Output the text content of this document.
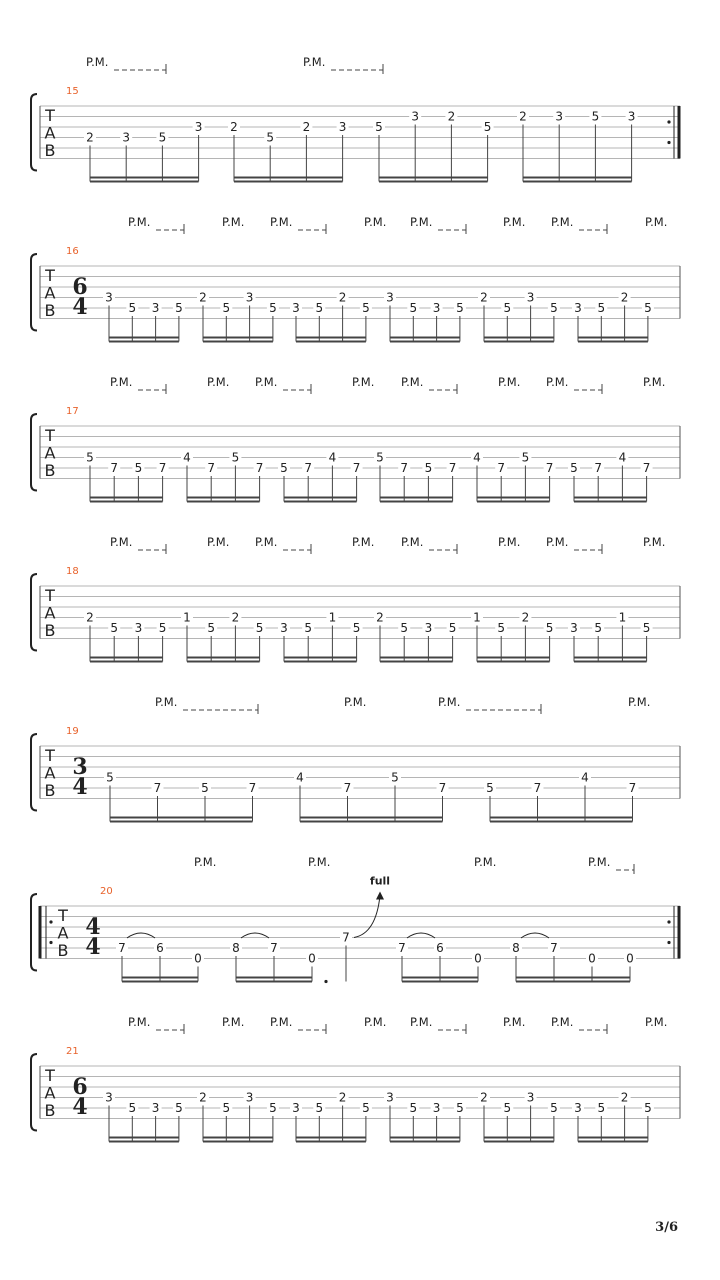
T
A
B
15
2 3 5
3 2
5
2 3 5
3 2
5
2 3 5 3
P.M.	P.M.
T
A
B
6
4
16
3
5 3 5
2
5
3
5 3 5
2
5
3
5 3 5
2
5
3
5 3 5
2
5
P.M.	P.M. P.M.	P.M. P.M.	P.M. P.M.	P.M.
T
A
B
17
5
7 5 7
4
7
5
7 5 7
4
7
5
7 5 7
4
7
5
7 5 7
4
7
P.M.	P.M. P.M.	P.M. P.M.	P.M. P.M.	P.M.
T
A
B
18
2
5 3 5
1
5
2
5 3 5
1
5
2
5 3 5
1
5
2
5 3 5
1
5
P.M.	P.M. P.M.	P.M. P.M.	P.M. P.M.	P.M.
T
A
B
3
4
19
5
7	5	7
4
7
5
7	5	7
4
7
P.M.	P.M.	P.M.	P.M.
T
A
B
4
4
20
7	6
0
8	7
0
7
7	6
0
8	7
0	0
full
P.M.	P.M.	P.M.	P.M.
T
A
B
6
4
21
3
5 3 5
2
5
3
5 3 5
2
5
3
5 3 5
2
5
3
5 3 5
2
5
P.M.	P.M. P.M.	P.M. P.M.	P.M. P.M.	P.M.
3/6
